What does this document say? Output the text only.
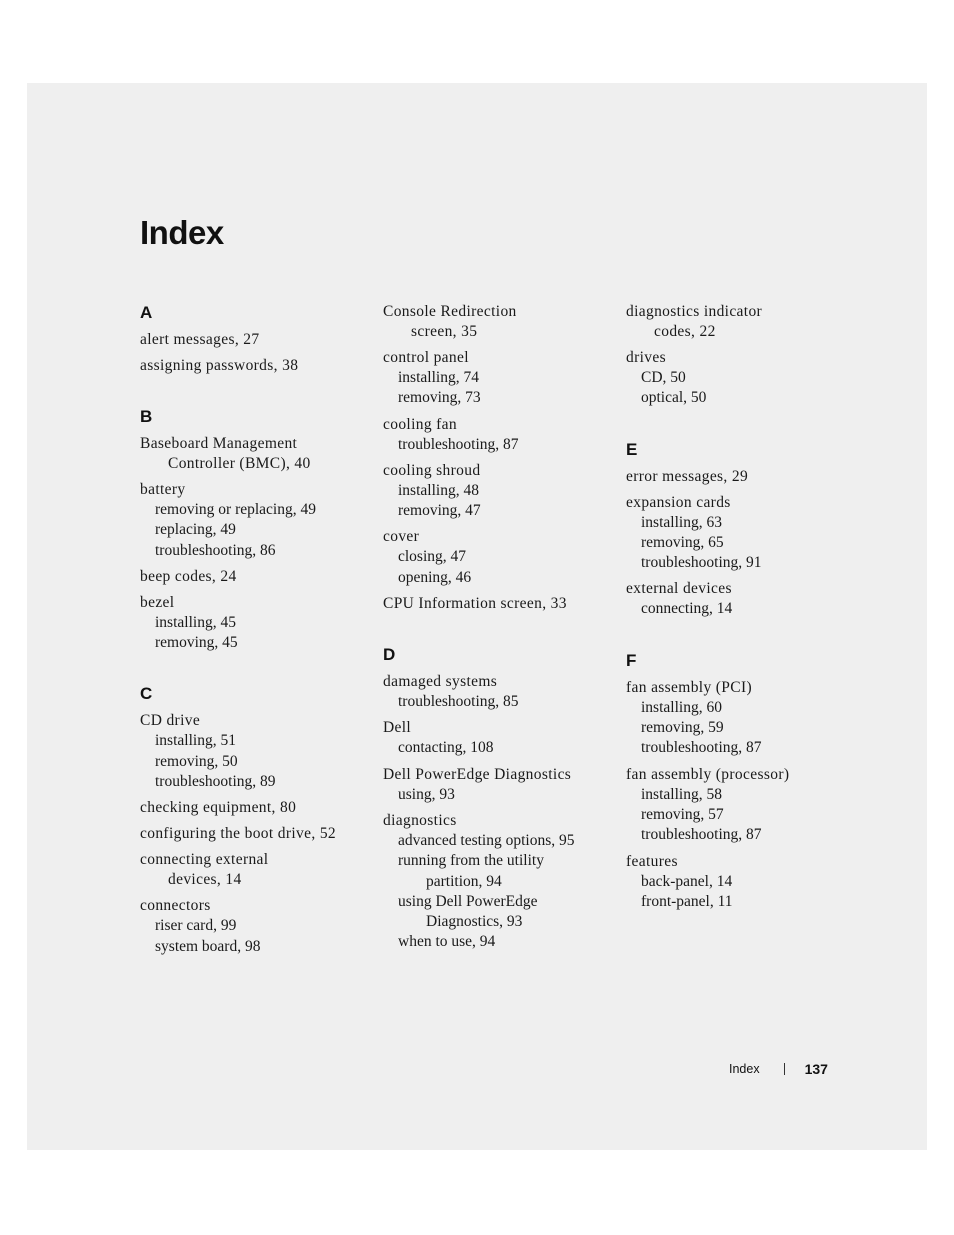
Index
A
alert messages, 27
assigning passwords, 38
B
Baseboard Management
Controller (BMC), 40
battery
removing or replacing, 49
replacing, 49
troubleshooting, 86
beep codes, 24
bezel
installing, 45
removing, 45
C
CD drive
installing, 51
removing, 50
troubleshooting, 89
checking equipment, 80
configuring the boot drive, 52
connecting external
devices, 14
connectors
riser card, 99
system board, 98
Console Redirection
screen, 35
control panel
installing, 74
removing, 73
cooling fan
troubleshooting, 87
cooling shroud
installing, 48
removing, 47
cover
closing, 47
opening, 46
CPU Information screen, 33
D
damaged systems
troubleshooting, 85
Dell
contacting, 108
Dell PowerEdge Diagnostics
using, 93
diagnostics
advanced testing options, 95
running from the utility
partition, 94
using Dell PowerEdge
Diagnostics, 93
when to use, 94
diagnostics indicator
codes, 22
drives
CD, 50
optical, 50
E
error messages, 29
expansion cards
installing, 63
removing, 65
troubleshooting, 91
external devices
connecting, 14
F
fan assembly (PCI)
installing, 60
removing, 59
troubleshooting, 87
fan assembly (processor)
installing, 58
removing, 57
troubleshooting, 87
features
back-panel, 14
front-panel, 11
Index	137
